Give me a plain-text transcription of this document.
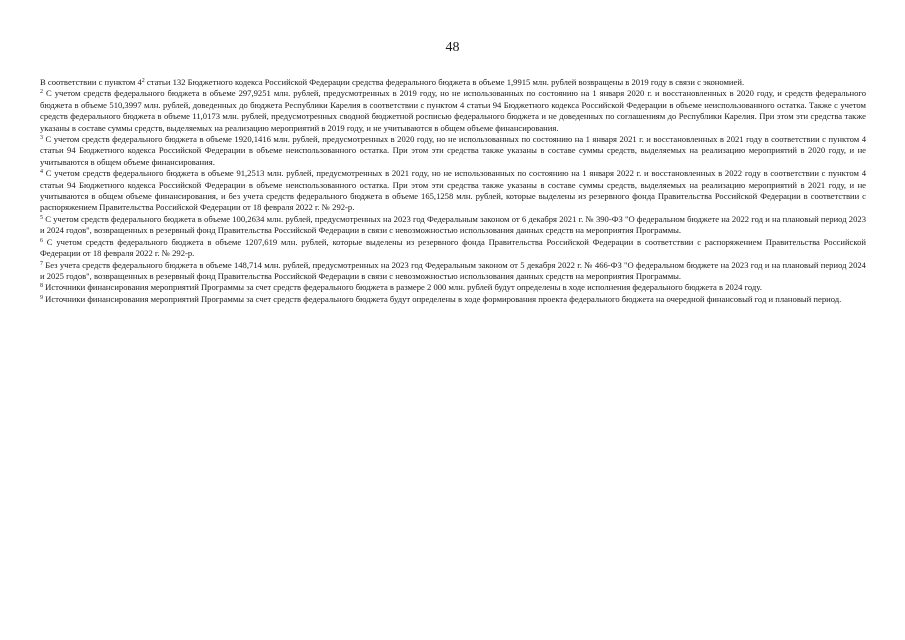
48

В соответствии с пунктом $4^2$ статьи 132 Бюджетного кодекса Российской Федерации средства федерального бюджета в объеме 1,9915 млн. рублей возвращены в 2019 году в связи с экономией.

$^2$ С учетом средств федерального бюджета в объеме 297,9251 млн. рублей, предусмотренных в 2019 году, но не использованных по состоянию на 1 января 2020 г. и восстановленных в 2020 году, и средств федерального бюджета в объеме 510,3997 млн. рублей, доведенных до бюджета Республики Карелия в соответствии с пунктом 4 статьи 94 Бюджетного кодекса Российской Федерации в объеме неиспользованного остатка. Также с учетом средств федерального бюджета в объеме 11,0173 млн. рублей, предусмотренных сводной бюджетной росписью федерального бюджета и не доведенных по соглашениям до Республики Карелия. При этом эти средства также указаны в составе суммы средств, выделяемых на реализацию мероприятий в 2019 году, и не учитываются в общем объеме финансирования.

$^3$ С учетом средств федерального бюджета в объеме 1920,1416 млн. рублей, предусмотренных в 2020 году, но не использованных по состоянию на 1 января 2021 г. и восстановленных в 2021 году в соответствии с пунктом 4 статьи 94 Бюджетного кодекса Российской Федерации в объеме неиспользованного остатка. При этом эти средства также указаны в составе суммы средств, выделяемых на реализацию мероприятий в 2020 году, и не учитываются в общем объеме финансирования.

$^4$ С учетом средств федерального бюджета в объеме 91,2513 млн. рублей, предусмотренных в 2021 году, но не использованных по состоянию на 1 января 2022 г. и восстановленных в 2022 году в соответствии с пунктом 4 статьи 94 Бюджетного кодекса Российской Федерации в объеме неиспользованного остатка. При этом эти средства также указаны в составе суммы средств, выделяемых на реализацию мероприятий в 2021 году, и не учитываются в общем объеме финансирования, и без учета средств федерального бюджета в объеме 165,1258 млн. рублей, которые выделены из резервного фонда Правительства Российской Федерации в соответствии с распоряжением Правительства Российской Федерации от 18 февраля 2022 г. № 292-р.

$^5$ С учетом средств федерального бюджета в объеме 100,2634 млн. рублей, предусмотренных на 2023 год Федеральным законом от 6 декабря 2021 г. № 390-ФЗ "О федеральном бюджете на 2022 год и на плановый период 2023 и 2024 годов", возвращенных в резервный фонд Правительства Российской Федерации в связи с невозможностью использования данных средств на мероприятия Программы.

$^6$ С учетом средств федерального бюджета в объеме 1207,619 млн. рублей, которые выделены из резервного фонда Правительства Российской Федерации в соответствии с распоряжением Правительства Российской Федерации от 18 февраля 2022 г. № 292-р.

$^7$ Без учета средств федерального бюджета в объеме 148,714 млн. рублей, предусмотренных на 2023 год Федеральным законом от 5 декабря 2022 г. № 466-ФЗ "О федеральном бюджете на 2023 год и на плановый период 2024 и 2025 годов", возвращенных в резервный фонд Правительства Российской Федерации в связи с невозможностью использования данных средств на мероприятия Программы.

$^8$ Источники финансирования мероприятий Программы за счет средств федерального бюджета в размере 2 000 млн. рублей будут определены в ходе исполнения федерального бюджета в 2024 году.

$^9$ Источники финансирования мероприятий Программы за счет средств федерального бюджета будут определены в ходе формирования проекта федерального бюджета на очередной финансовый год и плановый период.
